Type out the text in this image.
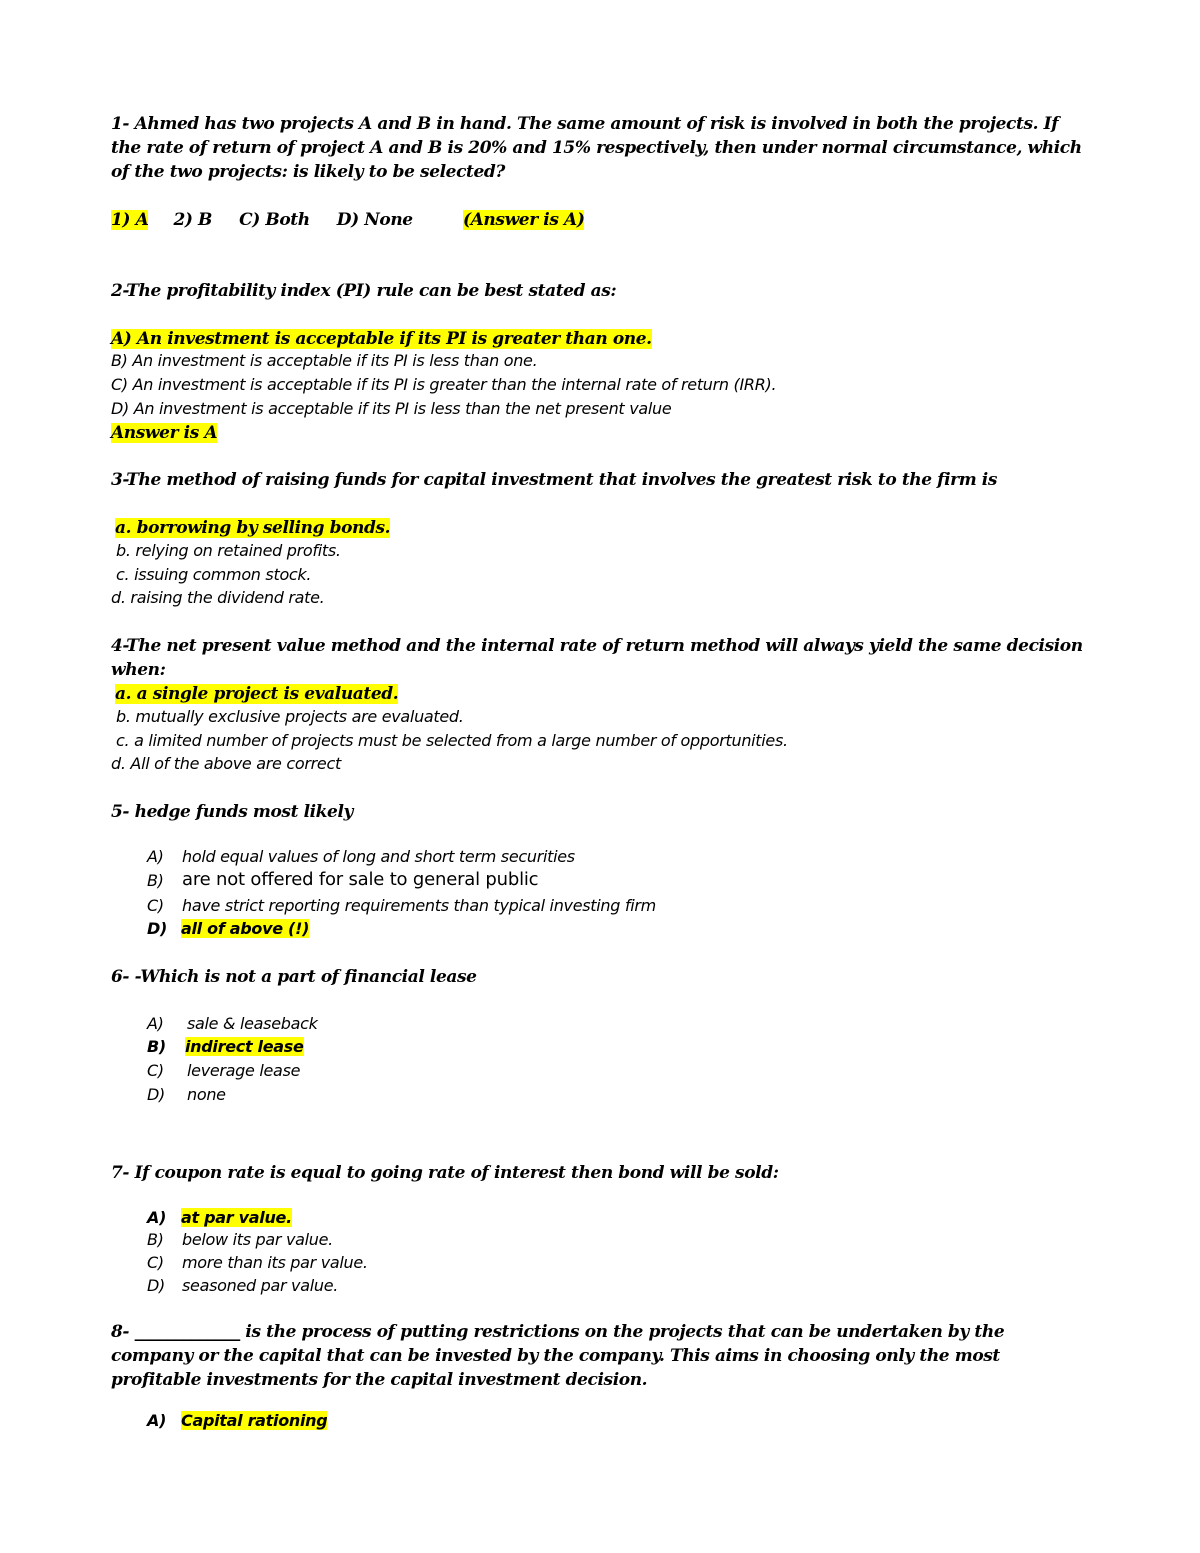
1- Ahmed has two projects A and B in hand. The same amount of risk is involved in both the projects. If the rate of return of project A and B is 20% and 15% respectively, then under normal circumstance, which of the two projects: is likely to be selected?
1) A 2) B C) Both D) None	(Answer is A)
2-The profitability index (PI) rule can be best stated as:
A) An investment is acceptable if its PI is greater than one.
B) An investment is acceptable if its PI is less than one.
C) An investment is acceptable if its PI is greater than the internal rate of return (IRR).
D) An investment is acceptable if its PI is less than the net present value
Answer is A
3-The method of raising funds for capital investment that involves the greatest risk to the firm is
a. borrowing by selling bonds.
b. relying on retained profits.
c. issuing common stock.
d. raising the dividend rate.
4-The net present value method and the internal rate of return method will always yield the same decision when:
a. a single project is evaluated.
b. mutually exclusive projects are evaluated.
c. a limited number of projects must be selected from a large number of opportunities.
d. All of the above are correct
5- hedge funds most likely
A) hold equal values of long and short term securities
B) are not offered for sale to general public
C) have strict reporting requirements than typical investing firm
D) all of above (!)
6- -Which is not a part of financial lease
A) sale & leaseback
B) indirect lease
C) leverage lease
D) none
7- If coupon rate is equal to going rate of interest then bond will be sold:
A) at par value.
B) below its par value.
C) more than its par value.
D) seasoned par value.
8- _____________ is the process of putting restrictions on the projects that can be undertaken by the company or the capital that can be invested by the company. This aims in choosing only the most profitable investments for the capital investment decision.
A) Capital rationing
